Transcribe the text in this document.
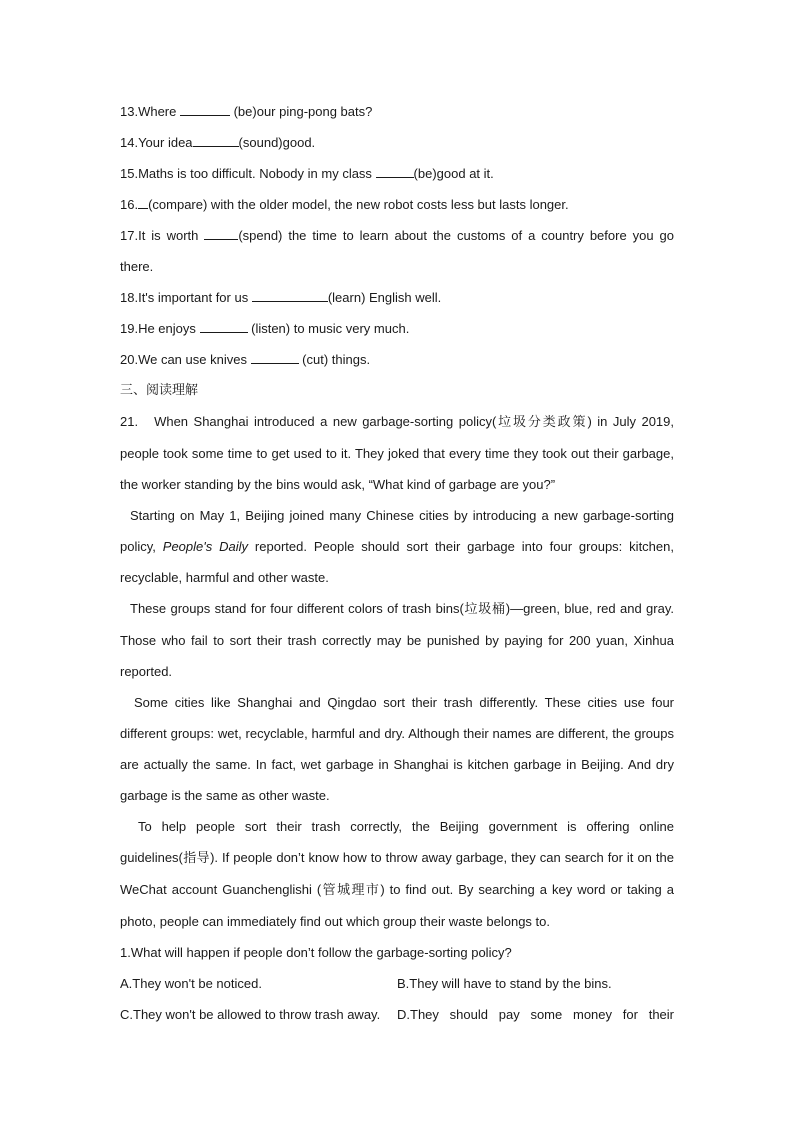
13.Where	(be)our ping-pong bats?
14.Your idea	(sound)good.
15.Maths is too difficult. Nobody in my class	(be)good at it.
16. (compare) with the older model, the new robot costs less but lasts longer.
17.It is worth	(spend) the time to learn about the customs of a country before you go
there.
18.It's important for us	(learn) English well.
19.He enjoys	(listen) to music very much.
20.We can use knives	(cut) things.
三、阅读理解

21. When Shanghai introduced a new garbage-sorting policy(垃圾分类政策) in July 2019, people took some time to get used to it. They joked that every time they took out their garbage, the worker standing by the bins would ask, “What kind of garbage are you?”

Starting on May 1, Beijing joined many Chinese cities by introducing a new garbage-sorting policy, People's Daily reported. People should sort their garbage into four groups: kitchen, recyclable, harmful and other waste.

These groups stand for four different colors of trash bins(垃圾桶)—green, blue, red and gray. Those who fail to sort their trash correctly may be punished by paying for 200 yuan, Xinhua reported.

Some cities like Shanghai and Qingdao sort their trash differently. These cities use four different groups: wet, recyclable, harmful and dry. Although their names are different, the groups are actually the same. In fact, wet garbage in Shanghai is kitchen garbage in Beijing. And dry garbage is the same as other waste.

To help people sort their trash correctly, the Beijing government is offering online guidelines(指导). If people don’t know how to throw away garbage, they can search for it on the WeChat account Guanchenglishi (管城理市) to find out. By searching a key word or taking a photo, people can immediately find out which group their waste belongs to.

1.What will happen if people don’t follow the garbage-sorting policy?
A.They won't be noticed.	B.They will have to stand by the bins.
C.They won't be allowed to throw trash away.	D.They should pay some money for their
